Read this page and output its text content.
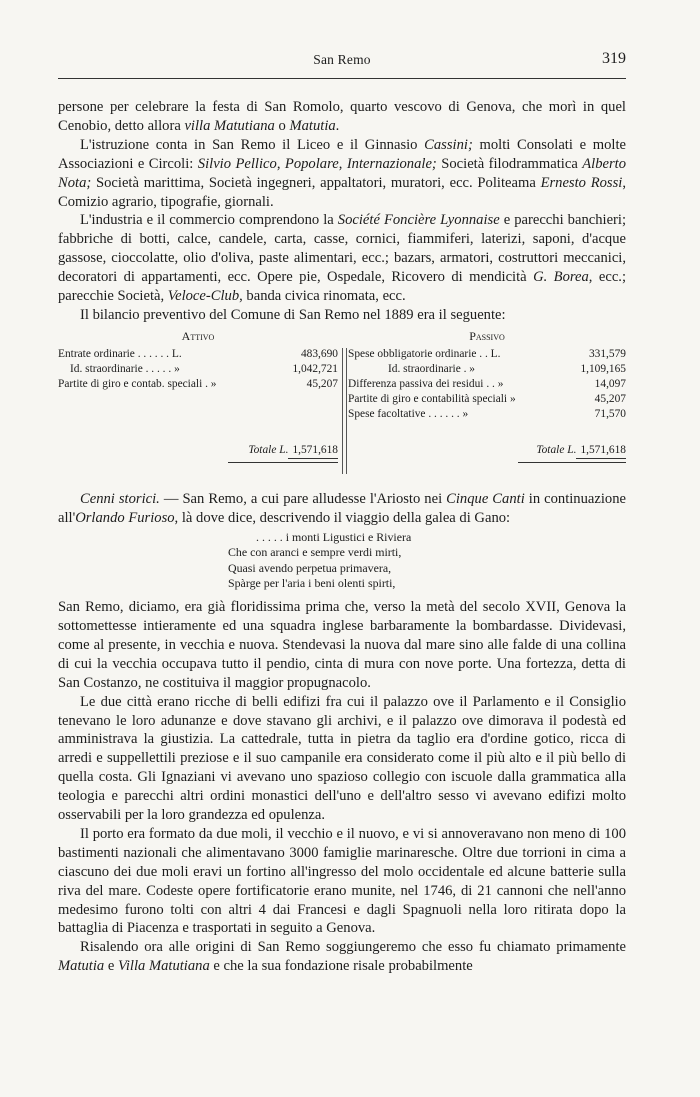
San Remo	319

persone per celebrare la festa di San Romolo, quarto vescovo di Genova, che morì in quel Cenobio, detto allora villa Matutiana o Matutia.

L'istruzione conta in San Remo il Liceo e il Ginnasio Cassini; molti Consolati e molte Associazioni e Circoli: Silvio Pellico, Popolare, Internazionale; Società filodrammatica Alberto Nota; Società marittima, Società ingegneri, appaltatori, muratori, ecc. Politeama Ernesto Rossi, Comizio agrario, tipografie, giornali.

L'industria e il commercio comprendono la Société Foncière Lyonnaise e parecchi banchieri; fabbriche di botti, calce, candele, carta, casse, cornici, fiammiferi, laterizi, saponi, d'acque gassose, cioccolatte, olio d'oliva, paste alimentari, ecc.; bazars, armatori, costruttori meccanici, decoratori di appartamenti, ecc. Opere pie, Ospedale, Ricovero di mendicità G. Borea, ecc.; parecchie Società, Veloce-Club, banda civica rinomata, ecc.

Il bilancio preventivo del Comune di San Remo nel 1889 era il seguente:

Attivo
Entrate ordinarie . . . . . . L.	483,690
Id. straordinarie . . . . . »	1,042,721
Partite di giro e contab. speciali . »	45,207
Totale L. 1,571,618
Passivo
Spese obbligatorie ordinarie . . L.	331,579
Id. straordinarie . »	1,109,165
Differenza passiva dei residui . . »	14,097
Partite di giro e contabilità speciali »	45,207
Spese facoltative . . . . . . »	71,570
Totale L. 1,571,618

Cenni storici. — San Remo, a cui pare alludesse l'Ariosto nei Cinque Canti in continuazione all'Orlando Furioso, là dove dice, descrivendo il viaggio della galea di Gano:

. . . . . i monti Ligustici e Riviera
Che con aranci e sempre verdi mirti,
Quasi avendo perpetua primavera,
Spàrge per l'aria i beni olenti spirti,

San Remo, diciamo, era già floridissima prima che, verso la metà del secolo XVII, Genova la sottomettesse intieramente ed una squadra inglese barbaramente la bombardasse. Dividevasi, come al presente, in vecchia e nuova. Stendevasi la nuova dal mare sino alle falde di una collina di cui la vecchia occupava tutto il pendio, cinta di mura con nove porte. Una fortezza, detta di San Costanzo, ne costituiva il maggior propugnacolo.

Le due città erano ricche di belli edifizi fra cui il palazzo ove il Parlamento e il Consiglio tenevano le loro adunanze e dove stavano gli archivi, e il palazzo ove dimorava il podestà ed amministrava la giustizia. La cattedrale, tutta in pietra da taglio era d'ordine gotico, ricca di arredi e suppellettili preziose e il suo campanile era considerato come il più alto e il più bello di quella costa. Gli Ignaziani vi avevano uno spazioso collegio con iscuole dalla grammatica alla teologia e parecchi altri ordini monastici dell'uno e dell'altro sesso vi avevano edifizi molto osservabili per la loro grandezza ed opulenza.

Il porto era formato da due moli, il vecchio e il nuovo, e vi si annoveravano non meno di 100 bastimenti nazionali che alimentavano 3000 famiglie marinaresche. Oltre due torrioni in cima a ciascuno dei due moli eravi un fortino all'ingresso del molo occidentale ed alcune batterie sulla riva del mare. Codeste opere fortificatorie erano munite, nel 1746, di 21 cannoni che nell'anno medesimo furono tolti con altri 4 dai Francesi e dagli Spagnuoli nella loro ritirata dopo la battaglia di Piacenza e trasportati in seguito a Genova.

Risalendo ora alle origini di San Remo soggiungeremo che esso fu chiamato primamente Matutia e Villa Matutiana e che la sua fondazione risale probabilmente
